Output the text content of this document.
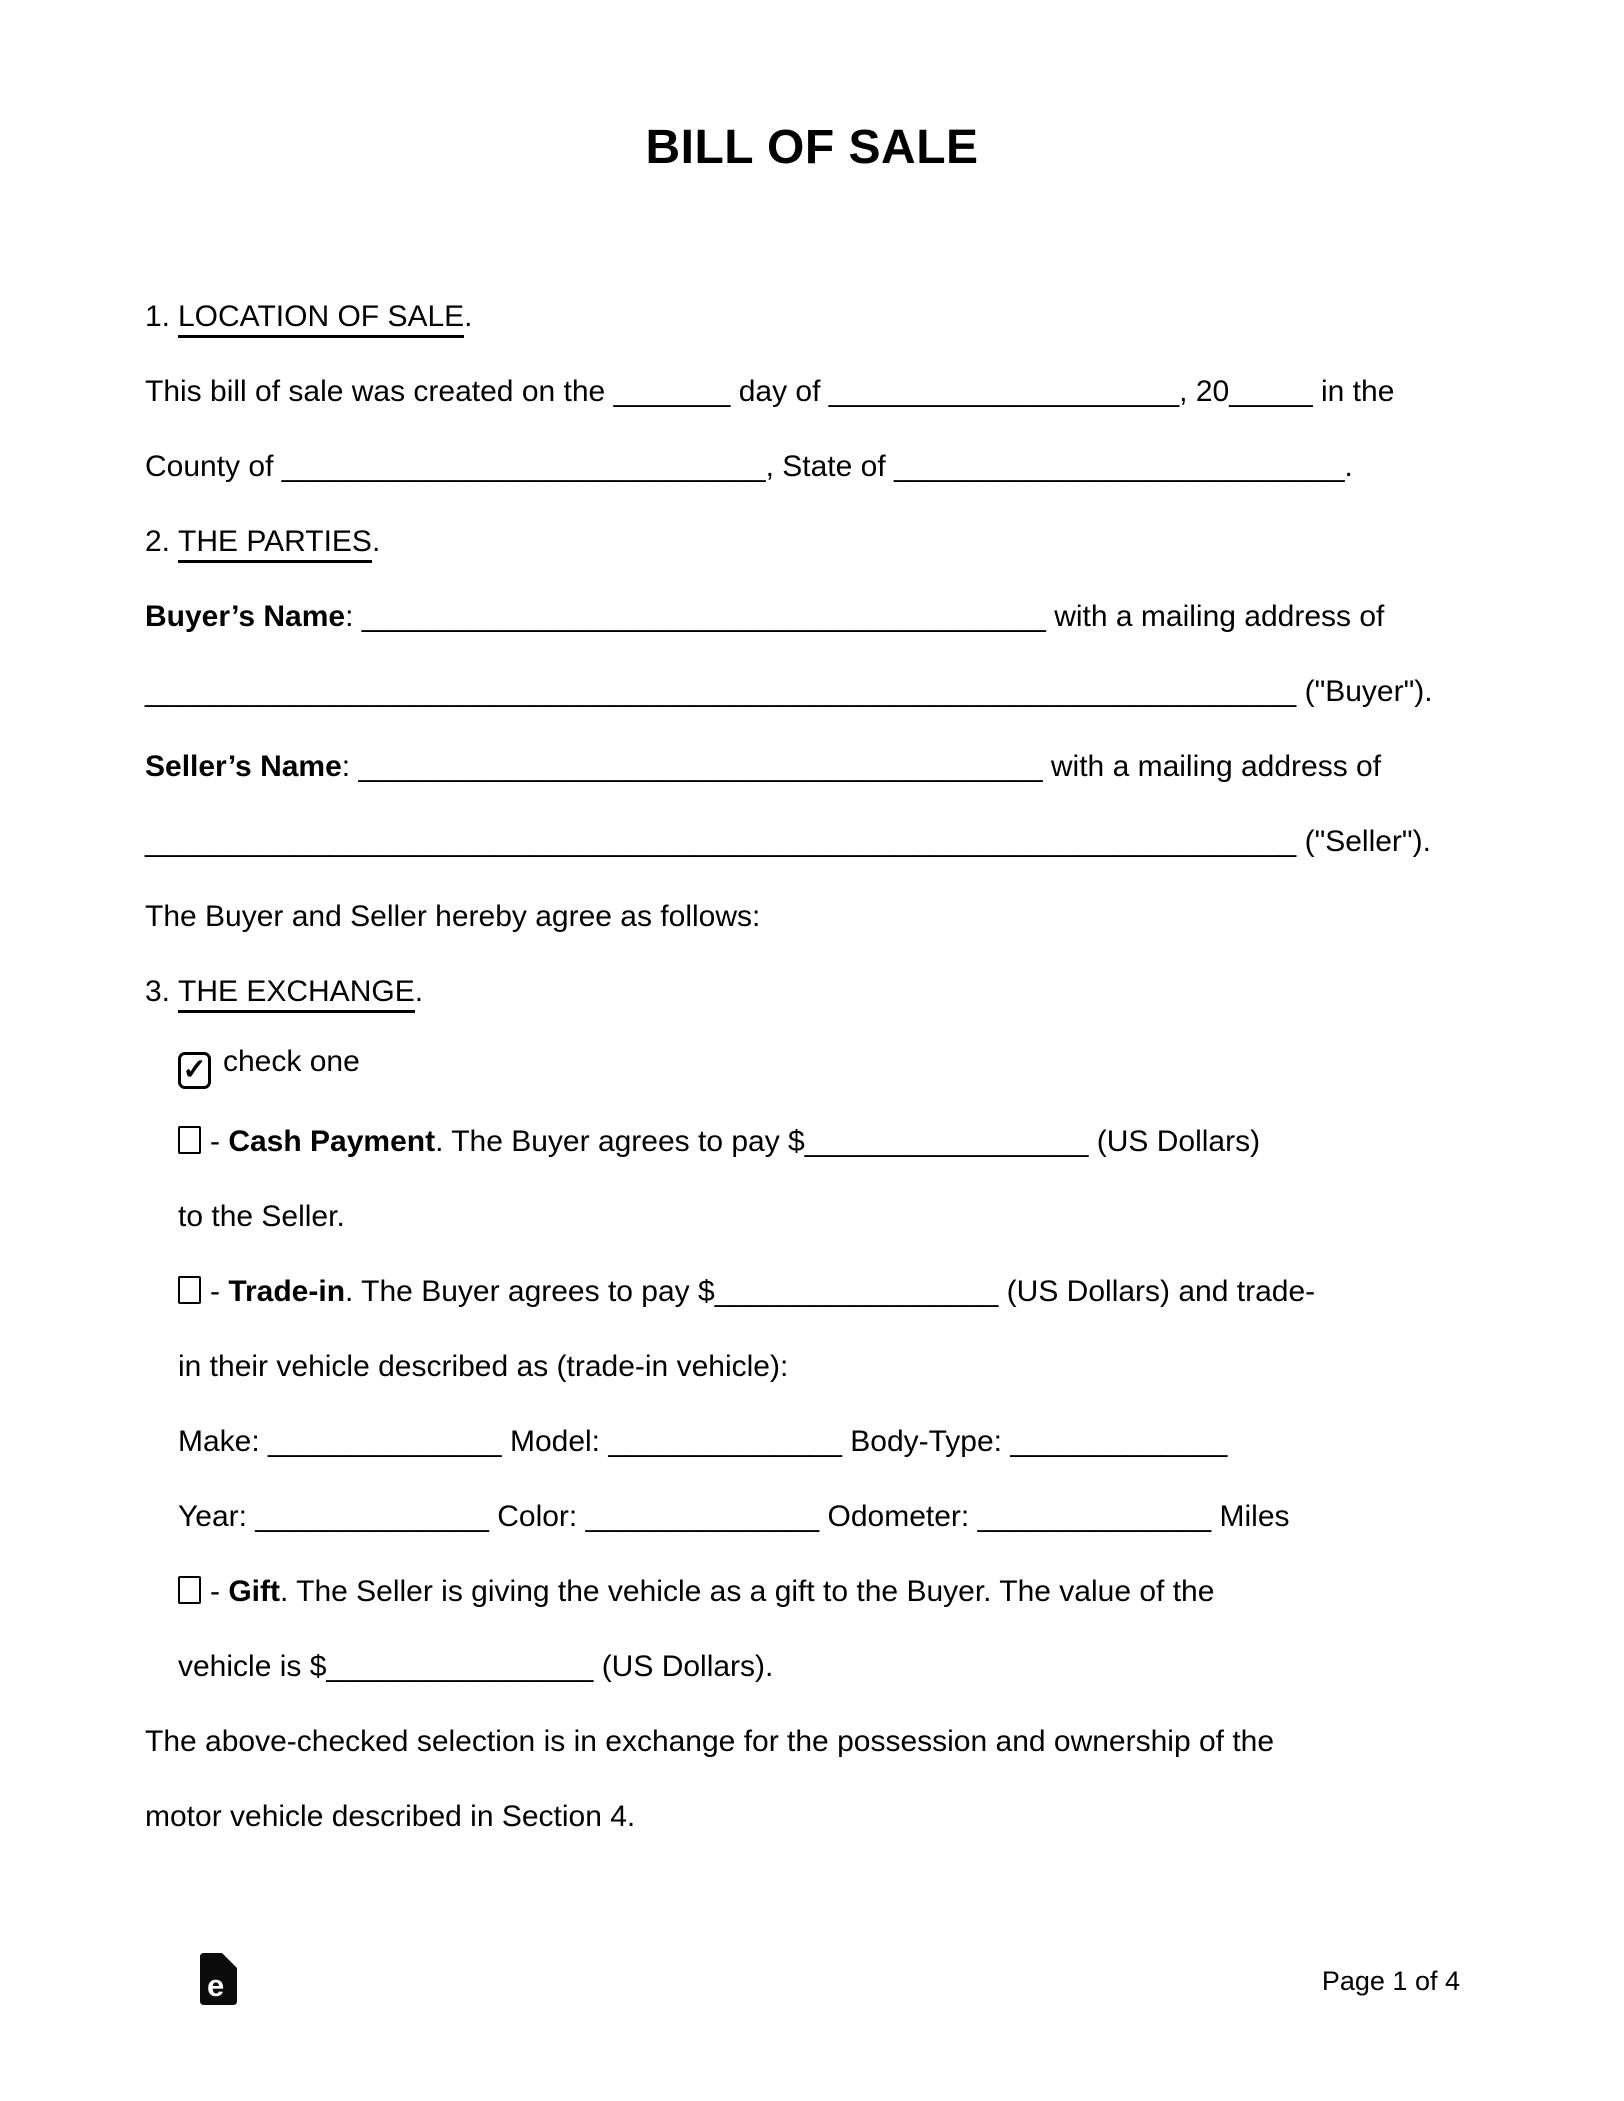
BILL OF SALE
1. LOCATION OF SALE.
This bill of sale was created on the _______ day of _____________________, 20_____ in the
County of _____________________________, State of ___________________________.
2. THE PARTIES.
Buyer’s Name: _________________________________________ with a mailing address of
_____________________________________________________________________ ("Buyer").
Seller’s Name: _________________________________________ with a mailing address of
_____________________________________________________________________ ("Seller").
The Buyer and Seller hereby agree as follows:
3. THE EXCHANGE.
✓ check one
- Cash Payment. The Buyer agrees to pay $_________________ (US Dollars)
to the Seller.
- Trade-in. The Buyer agrees to pay $_________________ (US Dollars) and trade-
in their vehicle described as (trade-in vehicle):
Make: ______________ Model: ______________ Body-Type: _____________
Year: ______________ Color: ______________ Odometer: ______________ Miles
- Gift. The Seller is giving the vehicle as a gift to the Buyer. The value of the
vehicle is $________________ (US Dollars).
The above-checked selection is in exchange for the possession and ownership of the
motor vehicle described in Section 4.
e	Page 1 of 4
